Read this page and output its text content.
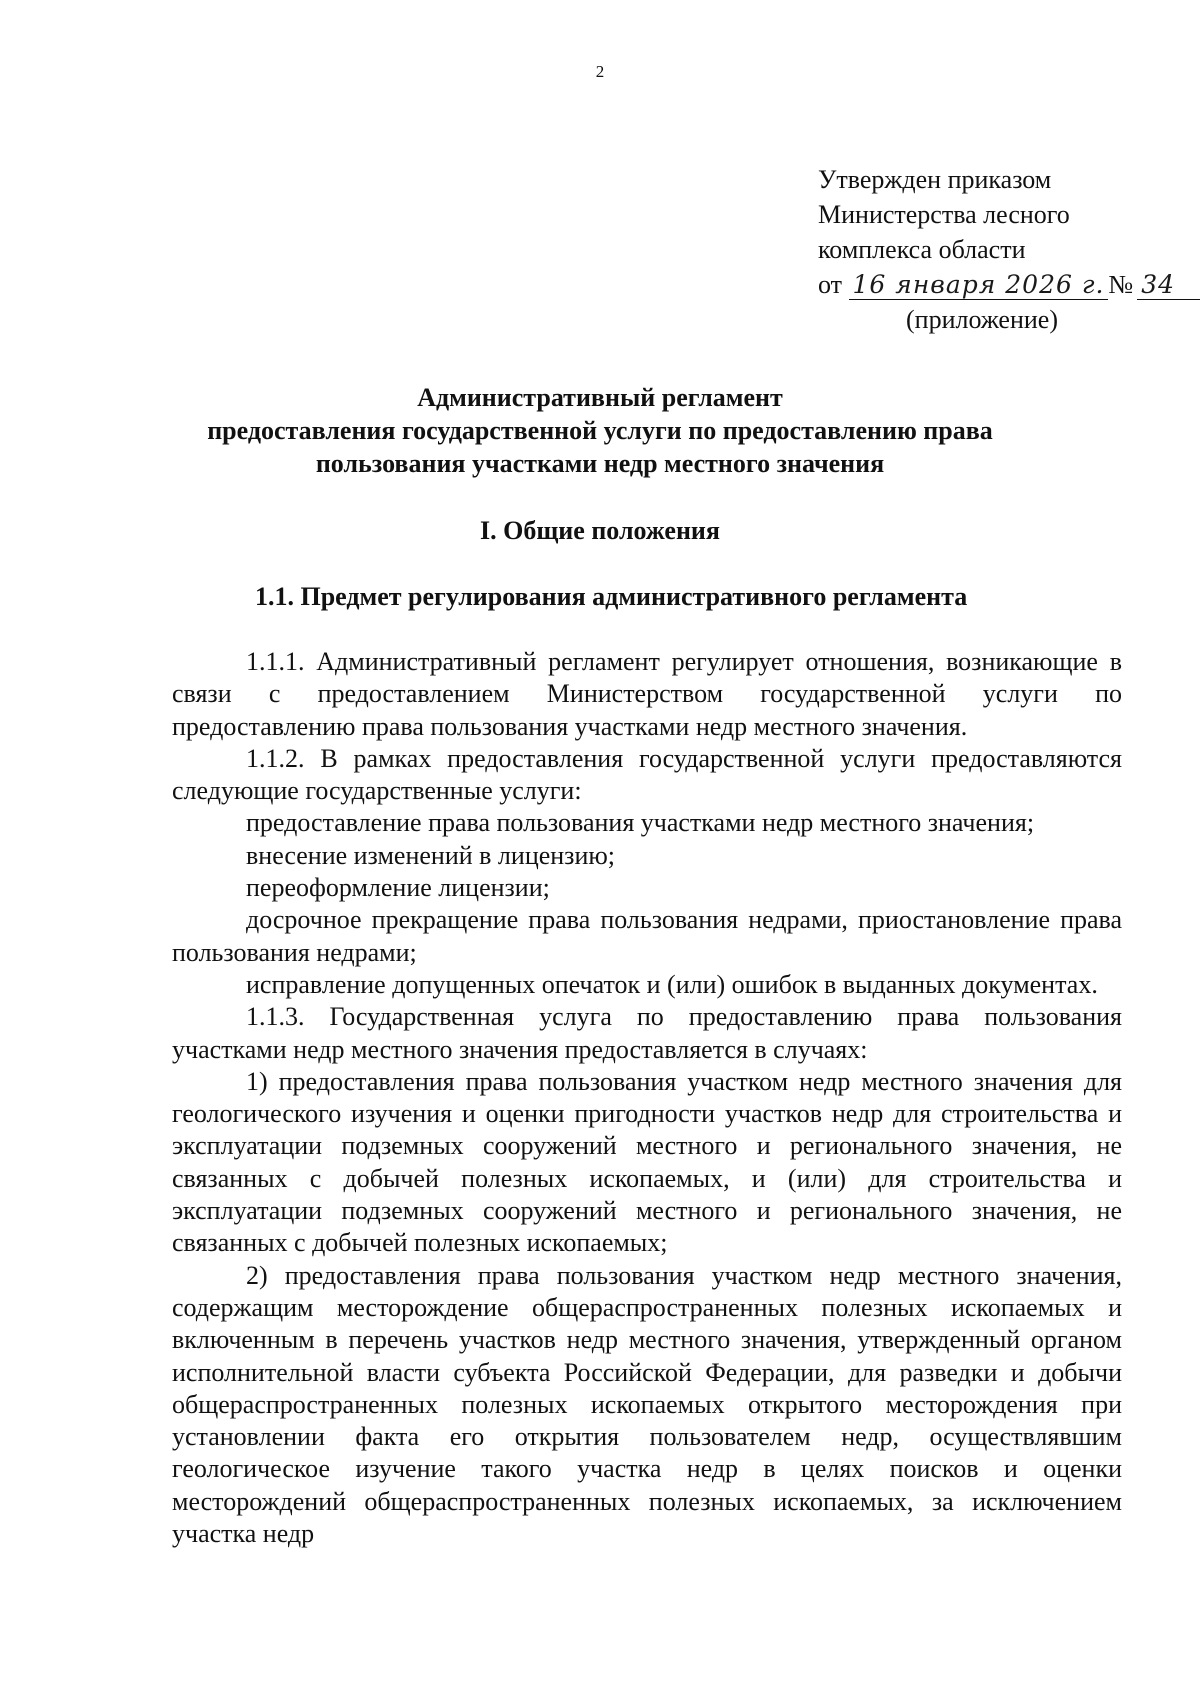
2
Утвержден приказом
Министерства лесного
комплекса области
от 16 января 2026 г. № 34
(приложение)
Административный регламент
предоставления государственной услуги по предоставлению права
пользования участками недр местного значения
I. Общие положения
1.1. Предмет регулирования административного регламента

1.1.1. Административный регламент регулирует отношения, возникающие в связи с предоставлением Министерством государственной услуги по предоставлению права пользования участками недр местного значения.

1.1.2. В рамках предоставления государственной услуги предоставляются следующие государственные услуги:

предоставление права пользования участками недр местного значения;

внесение изменений в лицензию;

переоформление лицензии;

досрочное прекращение права пользования недрами, приостановление права пользования недрами;

исправление допущенных опечаток и (или) ошибок в выданных документах.

1.1.3. Государственная услуга по предоставлению права пользования участками недр местного значения предоставляется в случаях:

1) предоставления права пользования участком недр местного значения для геологического изучения и оценки пригодности участков недр для строительства и эксплуатации подземных сооружений местного и регионального значения, не связанных с добычей полезных ископаемых, и (или) для строительства и эксплуатации подземных сооружений местного и регионального значения, не связанных с добычей полезных ископаемых;

2) предоставления права пользования участком недр местного значения, содержащим месторождение общераспространенных полезных ископаемых и включенным в перечень участков недр местного значения, утвержденный органом исполнительной власти субъекта Российской Федерации, для разведки и добычи общераспространенных полезных ископаемых открытого месторождения при установлении факта его открытия пользователем недр, осуществлявшим геологическое изучение такого участка недр в целях поисков и оценки месторождений общераспространенных полезных ископаемых, за исключением участка недр
